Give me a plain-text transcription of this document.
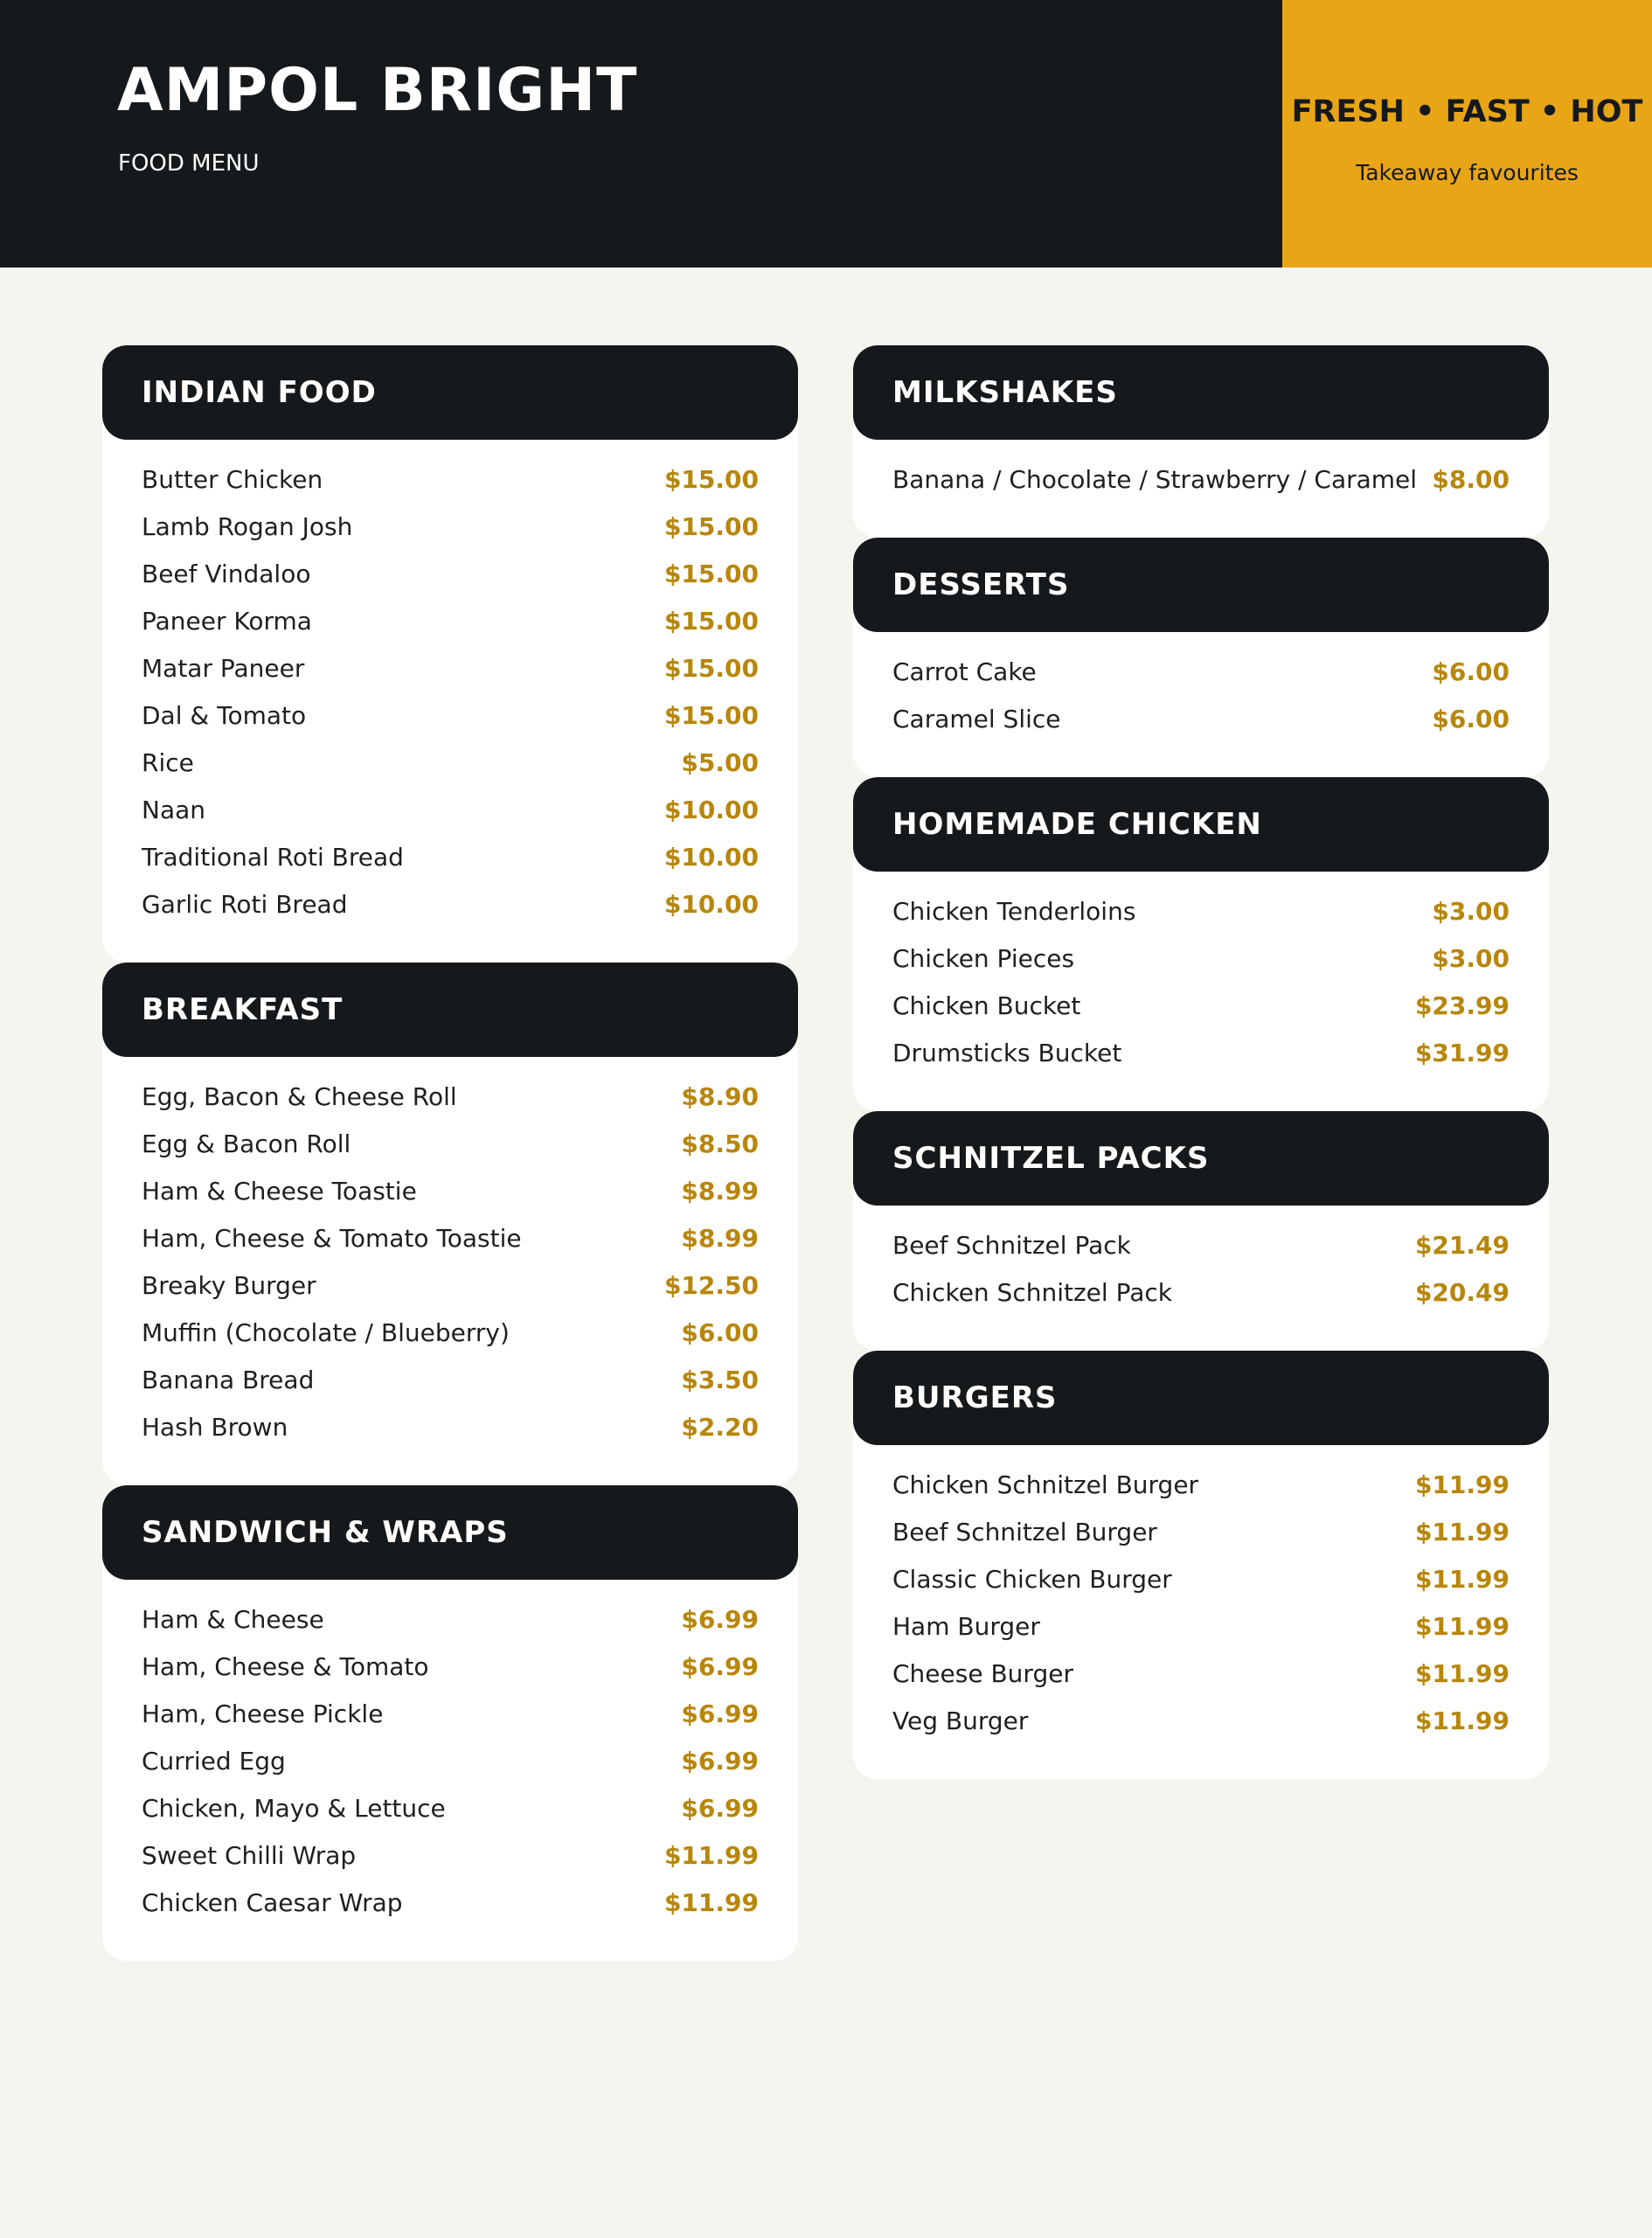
AMPOL BRIGHT
FOOD MENU
FRESH • FAST • HOT
Takeaway favourites
INDIAN FOOD
Butter Chicken	$15.00
Lamb Rogan Josh	$15.00
Beef Vindaloo	$15.00
Paneer Korma	$15.00
Matar Paneer	$15.00
Dal & Tomato	$15.00
Rice	$5.00
Naan	$10.00
Traditional Roti Bread	$10.00
Garlic Roti Bread	$10.00
BREAKFAST
Egg, Bacon & Cheese Roll	$8.90
Egg & Bacon Roll	$8.50
Ham & Cheese Toastie	$8.99
Ham, Cheese & Tomato Toastie	$8.99
Breaky Burger	$12.50
Muffin (Chocolate / Blueberry)	$6.00
Banana Bread	$3.50
Hash Brown	$2.20
SANDWICH & WRAPS
Ham & Cheese	$6.99
Ham, Cheese & Tomato	$6.99
Ham, Cheese Pickle	$6.99
Curried Egg	$6.99
Chicken, Mayo & Lettuce	$6.99
Sweet Chilli Wrap	$11.99
Chicken Caesar Wrap	$11.99
MILKSHAKES
Banana / Chocolate / Strawberry / Caramel $8.00
DESSERTS
Carrot Cake	$6.00
Caramel Slice	$6.00
HOMEMADE CHICKEN
Chicken Tenderloins	$3.00
Chicken Pieces	$3.00
Chicken Bucket	$23.99
Drumsticks Bucket	$31.99
SCHNITZEL PACKS
Beef Schnitzel Pack	$21.49
Chicken Schnitzel Pack	$20.49
BURGERS
Chicken Schnitzel Burger	$11.99
Beef Schnitzel Burger	$11.99
Classic Chicken Burger	$11.99
Ham Burger	$11.99
Cheese Burger	$11.99
Veg Burger	$11.99
